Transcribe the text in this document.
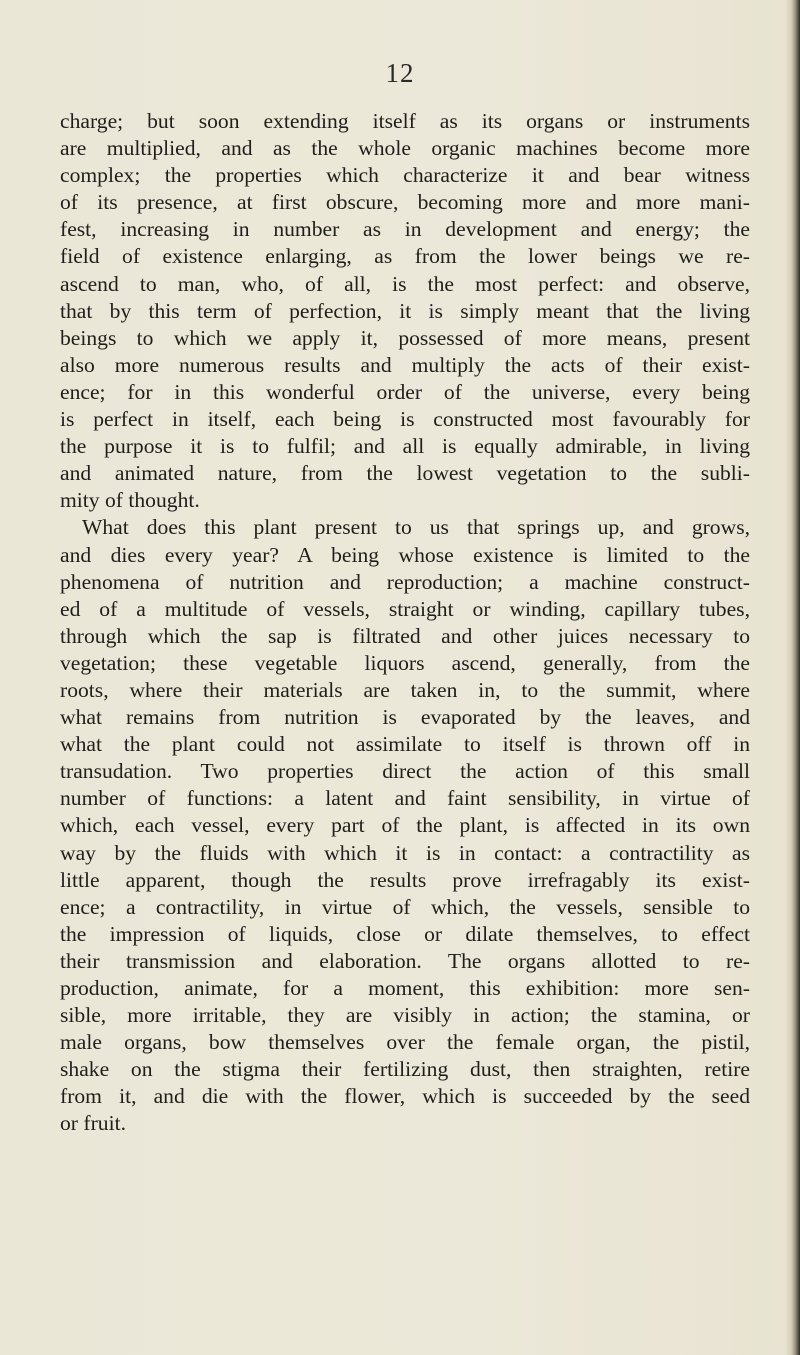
12
charge; but soon extending itself as its organs or instruments
are multiplied, and as the whole organic machines become more
complex; the properties which characterize it and bear witness
of its presence, at first obscure, becoming more and more mani-
fest, increasing in number as in development and energy; the
field of existence enlarging, as from the lower beings we re-
ascend to man, who, of all, is the most perfect: and observe,
that by this term of perfection, it is simply meant that the living
beings to which we apply it, possessed of more means, present
also more numerous results and multiply the acts of their exist-
ence; for in this wonderful order of the universe, every being
is perfect in itself, each being is constructed most favourably for
the purpose it is to fulfil; and all is equally admirable, in living
and animated nature, from the lowest vegetation to the subli-
mity of thought.
What does this plant present to us that springs up, and grows,
and dies every year? A being whose existence is limited to the
phenomena of nutrition and reproduction; a machine construct-
ed of a multitude of vessels, straight or winding, capillary tubes,
through which the sap is filtrated and other juices necessary to
vegetation; these vegetable liquors ascend, generally, from the
roots, where their materials are taken in, to the summit, where
what remains from nutrition is evaporated by the leaves, and
what the plant could not assimilate to itself is thrown off in
transudation. Two properties direct the action of this small
number of functions: a latent and faint sensibility, in virtue of
which, each vessel, every part of the plant, is affected in its own
way by the fluids with which it is in contact: a contractility as
little apparent, though the results prove irrefragably its exist-
ence; a contractility, in virtue of which, the vessels, sensible to
the impression of liquids, close or dilate themselves, to effect
their transmission and elaboration. The organs allotted to re-
production, animate, for a moment, this exhibition: more sen-
sible, more irritable, they are visibly in action; the stamina, or
male organs, bow themselves over the female organ, the pistil,
shake on the stigma their fertilizing dust, then straighten, retire
from it, and die with the flower, which is succeeded by the seed
or fruit.
